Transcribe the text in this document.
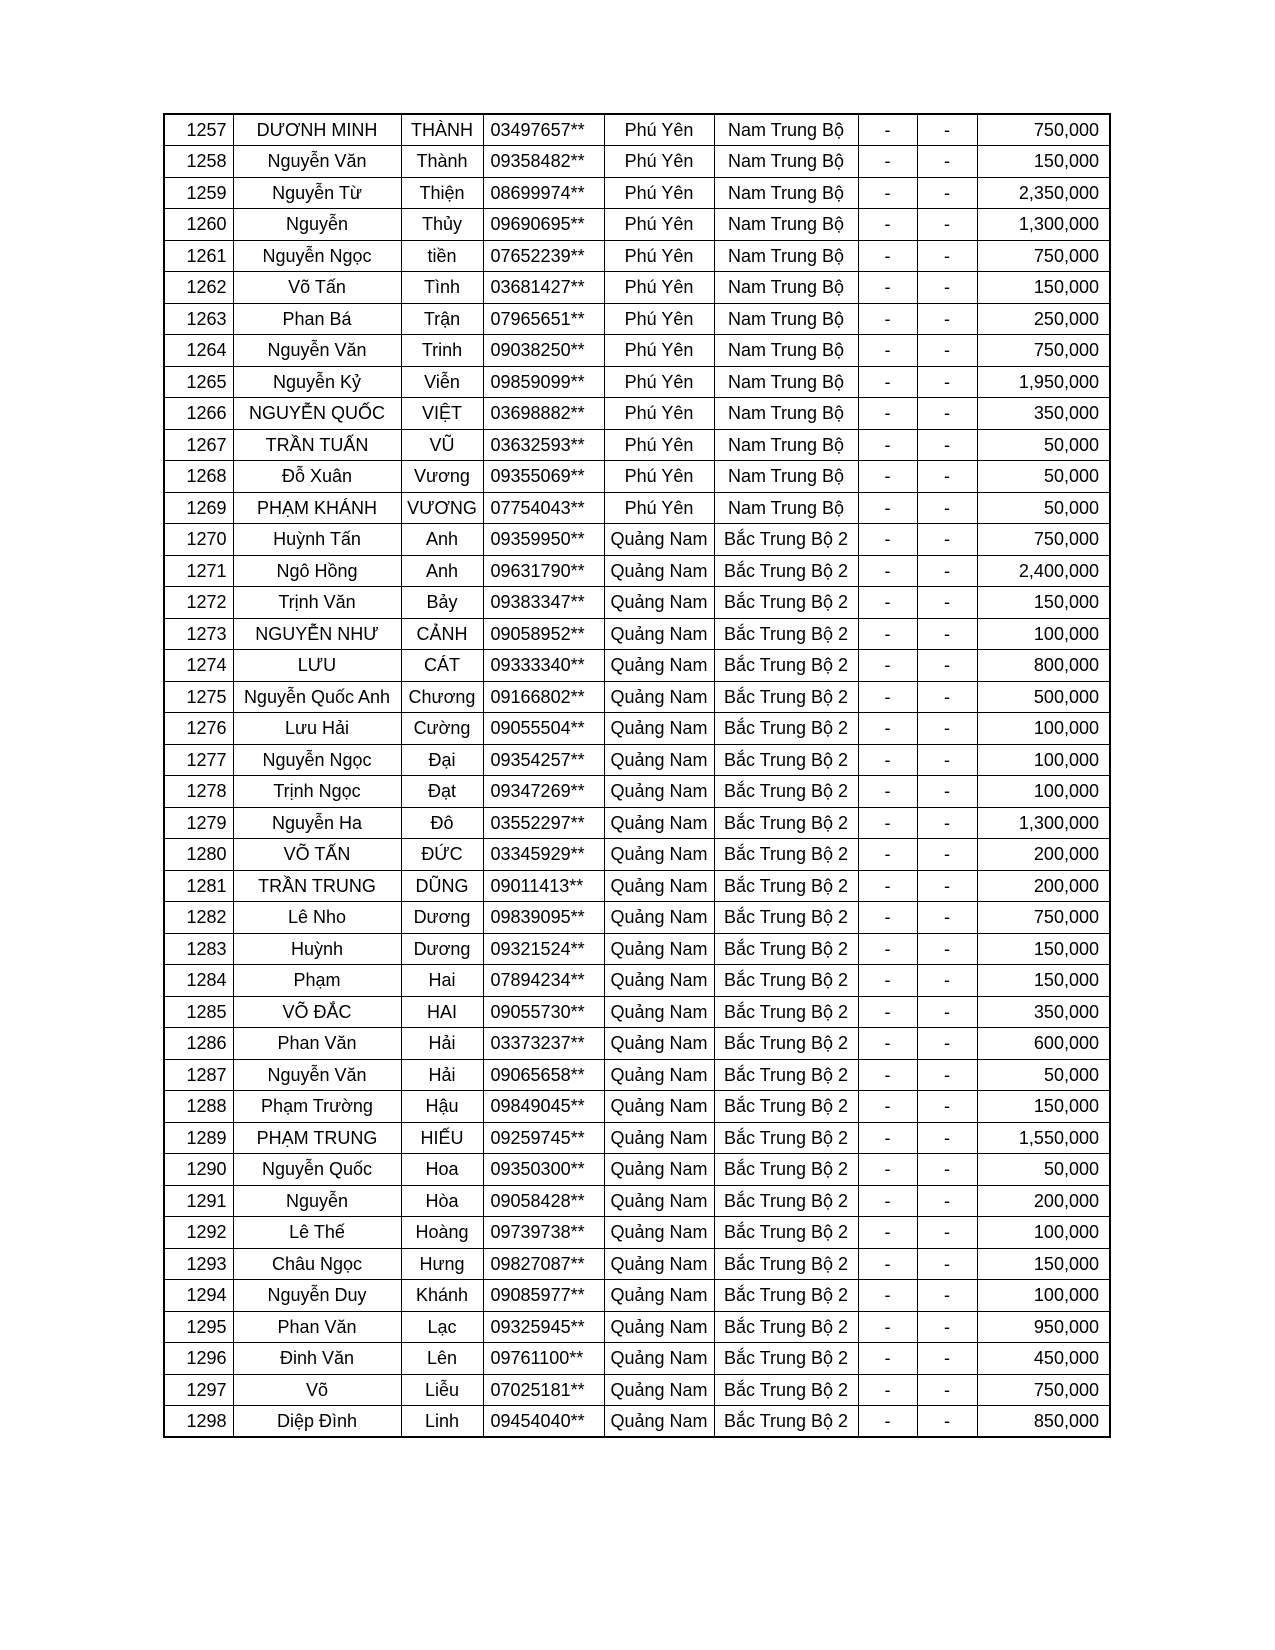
1257	DƯƠNH MINH	THÀNH	03497657**	Phú Yên	Nam Trung Bộ	-	-	750,000
1258	Nguyễn Văn	Thành	09358482**	Phú Yên	Nam Trung Bộ	-	-	150,000
1259	Nguyễn Từ	Thiện	08699974**	Phú Yên	Nam Trung Bộ	-	-	2,350,000
1260	Nguyễn	Thủy	09690695**	Phú Yên	Nam Trung Bộ	-	-	1,300,000
1261	Nguyễn Ngọc	tiền	07652239**	Phú Yên	Nam Trung Bộ	-	-	750,000
1262	Võ Tấn	Tình	03681427**	Phú Yên	Nam Trung Bộ	-	-	150,000
1263	Phan Bá	Trận	07965651**	Phú Yên	Nam Trung Bộ	-	-	250,000
1264	Nguyễn Văn	Trinh	09038250**	Phú Yên	Nam Trung Bộ	-	-	750,000
1265	Nguyễn Kỷ	Viễn	09859099**	Phú Yên	Nam Trung Bộ	-	-	1,950,000
1266	NGUYỄN QUỐC	VIỆT	03698882**	Phú Yên	Nam Trung Bộ	-	-	350,000
1267	TRẦN TUẤN	VŨ	03632593**	Phú Yên	Nam Trung Bộ	-	-	50,000
1268	Đỗ Xuân	Vương	09355069**	Phú Yên	Nam Trung Bộ	-	-	50,000
1269	PHẠM KHÁNH	VƯƠNG	07754043**	Phú Yên	Nam Trung Bộ	-	-	50,000
1270	Huỳnh Tấn	Anh	09359950**	Quảng Nam	Bắc Trung Bộ 2	-	-	750,000
1271	Ngô Hồng	Anh	09631790**	Quảng Nam	Bắc Trung Bộ 2	-	-	2,400,000
1272	Trịnh Văn	Bảy	09383347**	Quảng Nam	Bắc Trung Bộ 2	-	-	150,000
1273	NGUYỄN NHƯ	CẢNH	09058952**	Quảng Nam	Bắc Trung Bộ 2	-	-	100,000
1274	LƯU	CÁT	09333340**	Quảng Nam	Bắc Trung Bộ 2	-	-	800,000
1275	Nguyễn Quốc Anh	Chương	09166802**	Quảng Nam	Bắc Trung Bộ 2	-	-	500,000
1276	Lưu Hải	Cường	09055504**	Quảng Nam	Bắc Trung Bộ 2	-	-	100,000
1277	Nguyễn Ngọc	Đại	09354257**	Quảng Nam	Bắc Trung Bộ 2	-	-	100,000
1278	Trịnh Ngọc	Đạt	09347269**	Quảng Nam	Bắc Trung Bộ 2	-	-	100,000
1279	Nguyễn Ha	Đô	03552297**	Quảng Nam	Bắc Trung Bộ 2	-	-	1,300,000
1280	VÕ TẤN	ĐỨC	03345929**	Quảng Nam	Bắc Trung Bộ 2	-	-	200,000
1281	TRẦN TRUNG	DŨNG	09011413**	Quảng Nam	Bắc Trung Bộ 2	-	-	200,000
1282	Lê Nho	Dương	09839095**	Quảng Nam	Bắc Trung Bộ 2	-	-	750,000
1283	Huỳnh	Dương	09321524**	Quảng Nam	Bắc Trung Bộ 2	-	-	150,000
1284	Phạm	Hai	07894234**	Quảng Nam	Bắc Trung Bộ 2	-	-	150,000
1285	VÕ ĐẮC	HAI	09055730**	Quảng Nam	Bắc Trung Bộ 2	-	-	350,000
1286	Phan Văn	Hải	03373237**	Quảng Nam	Bắc Trung Bộ 2	-	-	600,000
1287	Nguyễn Văn	Hải	09065658**	Quảng Nam	Bắc Trung Bộ 2	-	-	50,000
1288	Phạm Trường	Hậu	09849045**	Quảng Nam	Bắc Trung Bộ 2	-	-	150,000
1289	PHẠM TRUNG	HIẾU	09259745**	Quảng Nam	Bắc Trung Bộ 2	-	-	1,550,000
1290	Nguyễn Quốc	Hoa	09350300**	Quảng Nam	Bắc Trung Bộ 2	-	-	50,000
1291	Nguyễn	Hòa	09058428**	Quảng Nam	Bắc Trung Bộ 2	-	-	200,000
1292	Lê Thế	Hoàng	09739738**	Quảng Nam	Bắc Trung Bộ 2	-	-	100,000
1293	Châu Ngọc	Hưng	09827087**	Quảng Nam	Bắc Trung Bộ 2	-	-	150,000
1294	Nguyễn Duy	Khánh	09085977**	Quảng Nam	Bắc Trung Bộ 2	-	-	100,000
1295	Phan Văn	Lạc	09325945**	Quảng Nam	Bắc Trung Bộ 2	-	-	950,000
1296	Đinh Văn	Lên	09761100**	Quảng Nam	Bắc Trung Bộ 2	-	-	450,000
1297	Võ	Liễu	07025181**	Quảng Nam	Bắc Trung Bộ 2	-	-	750,000
1298	Diệp Đình	Linh	09454040**	Quảng Nam	Bắc Trung Bộ 2	-	-	850,000
